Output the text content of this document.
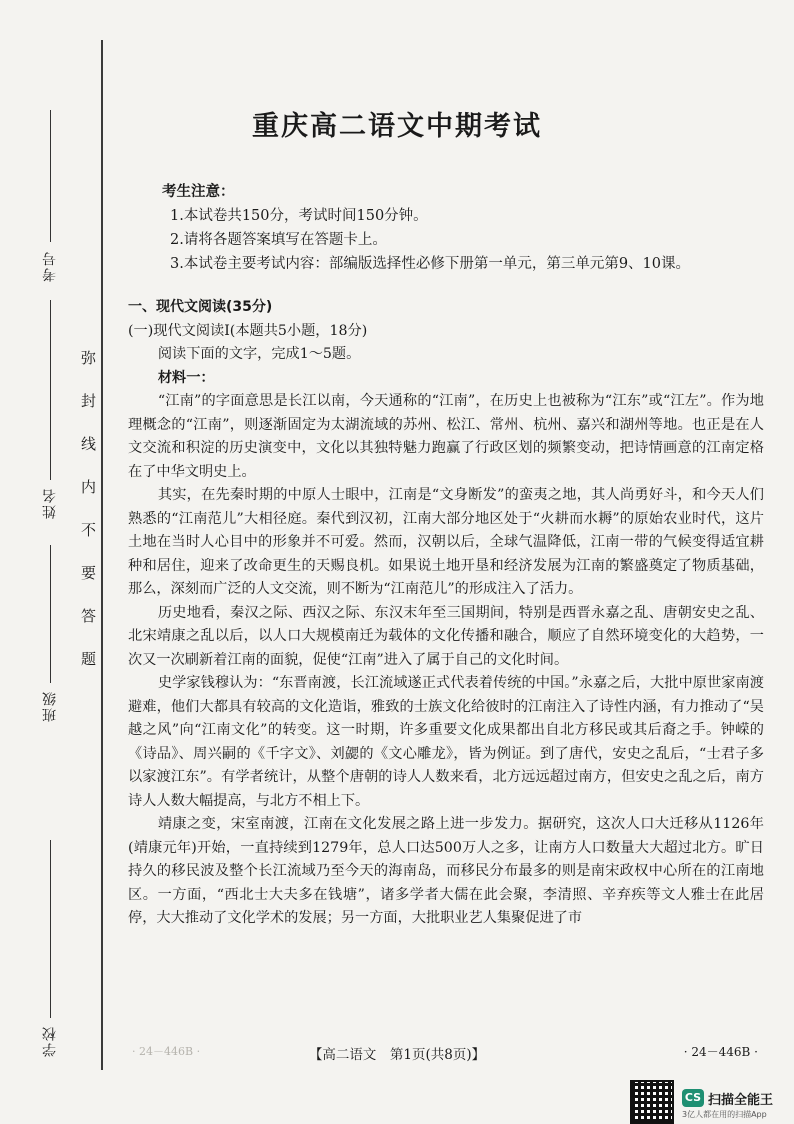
考号
姓名
班级
学校
弥封线内不要答题
重庆高二语文中期考试
考生注意：
1.本试卷共150分，考试时间150分钟。
2.请将各题答案填写在答题卡上。
3.本试卷主要考试内容：部编版选择性必修下册第一单元，第三单元第9、10课。

一、现代文阅读(35分)

(一)现代文阅读Ⅰ(本题共5小题，18分)

阅读下面的文字，完成1～5题。

材料一：

“江南”的字面意思是长江以南，今天通称的“江南”，在历史上也被称为“江东”或“江左”。作为地理概念的“江南”，则逐渐固定为太湖流域的苏州、松江、常州、杭州、嘉兴和湖州等地。也正是在人文交流和积淀的历史演变中，文化以其独特魅力跑赢了行政区划的频繁变动，把诗情画意的江南定格在了中华文明史上。

其实，在先秦时期的中原人士眼中，江南是“文身断发”的蛮夷之地，其人尚勇好斗，和今天人们熟悉的“江南范儿”大相径庭。秦代到汉初，江南大部分地区处于“火耕而水耨”的原始农业时代，这片土地在当时人心目中的形象并不可爱。然而，汉朝以后，全球气温降低，江南一带的气候变得适宜耕种和居住，迎来了改命更生的天赐良机。如果说土地开垦和经济发展为江南的繁盛奠定了物质基础，那么，深刻而广泛的人文交流，则不断为“江南范儿”的形成注入了活力。

历史地看，秦汉之际、西汉之际、东汉末年至三国期间，特别是西晋永嘉之乱、唐朝安史之乱、北宋靖康之乱以后，以人口大规模南迁为载体的文化传播和融合，顺应了自然环境变化的大趋势，一次又一次刷新着江南的面貌，促使“江南”进入了属于自己的文化时间。

史学家钱穆认为：“东晋南渡，长江流域遂正式代表着传统的中国。”永嘉之后，大批中原世家南渡避难，他们大都具有较高的文化造诣，雅致的士族文化给彼时的江南注入了诗性内涵，有力推动了“吴越之风”向“江南文化”的转变。这一时期，许多重要文化成果都出自北方移民或其后裔之手。钟嵘的《诗品》、周兴嗣的《千字文》、刘勰的《文心雕龙》，皆为例证。到了唐代，安史之乱后，“士君子多以家渡江东”。有学者统计，从整个唐朝的诗人人数来看，北方远远超过南方，但安史之乱之后，南方诗人人数大幅提高，与北方不相上下。

靖康之变，宋室南渡，江南在文化发展之路上进一步发力。据研究，这次人口大迁移从1126年(靖康元年)开始，一直持续到1279年，总人口达500万人之多，让南方人口数量大大超过北方。旷日持久的移民波及整个长江流域乃至今天的海南岛，而移民分布最多的则是南宋政权中心所在的江南地区。一方面，“西北士大夫多在钱塘”，诸多学者大儒在此会聚，李清照、辛弃疾等文人雅士在此居停，大大推动了文化学术的发展；另一方面，大批职业艺人集聚促进了市

· 24－446B ·	【高二语文　第1页(共8页)】	· 24－446B ·
CS 扫描全能王
3亿人都在用的扫描App
